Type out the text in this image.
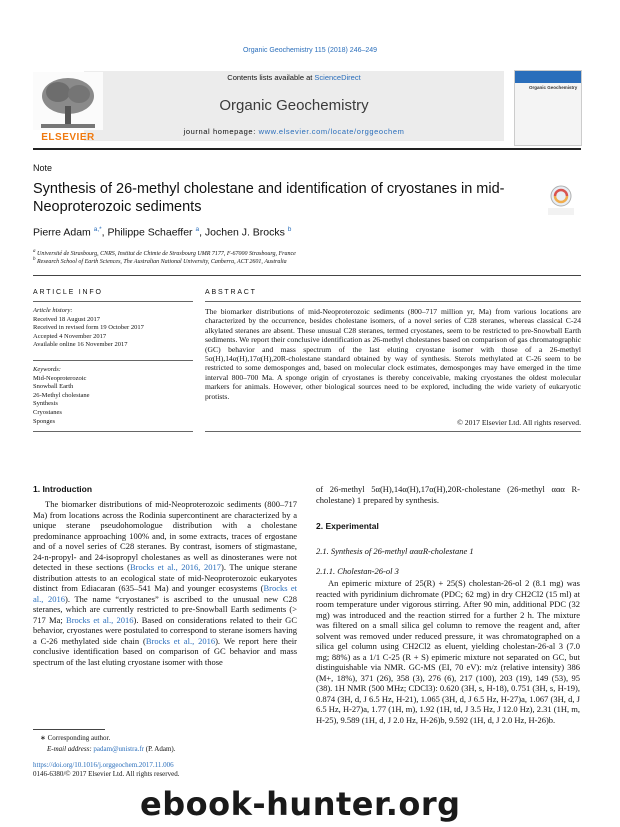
Organic Geochemistry 115 (2018) 246–249
Contents lists available at ScienceDirect
Organic Geochemistry
journal homepage: www.elsevier.com/locate/orggeochem
ELSEVIER
Organic Geochemistry
Note
Synthesis of 26-methyl cholestane and identification of cryostanes in mid-Neoproterozoic sediments
Pierre Adam $^{a,*}$, Philippe Schaeffer $^a$, Jochen J. Brocks $^b$
$^a$ Université de Strasbourg, CNRS, Institut de Chimie de Strasbourg UMR 7177, F-67000 Strasbourg, France
$^b$ Research School of Earth Sciences, The Australian National University, Canberra, ACT 2601, Australia
ARTICLE INFO	ABSTRACT
Article history:
Received 18 August 2017
Received in revised form 19 October 2017
Accepted 4 November 2017
Available online 16 November 2017
Keywords:
Mid-Neoproterozoic
Snowball Earth
26-Methyl cholestane
Synthesis
Cryostanes
Sponges
The biomarker distributions of mid-Neoproterozoic sediments (800–717 million yr, Ma) from various locations are characterized by the occurrence, besides cholestane isomers, of a novel series of C28 steranes, whereas classical C-24 alkylated steranes are absent. These unusual C28 steranes, termed cryostanes, seem to be restricted to pre-Snowball Earth sediments. We report their conclusive identification as 26-methyl cholestanes based on comparison of gas chromatographic (GC) behavior and mass spectrum of the last eluting cryostane isomer with those of a 26-methyl 5α(H),14α(H),17α(H),20R-cholestane standard obtained by way of synthesis. Sterols methylated at C-26 seem to be restricted to some demosponges and, based on molecular clock estimates, demosponges may have emerged in the time interval 800–700 Ma. A sponge origin of cryostanes is thereby conceivable, making cryostanes the oldest molecular markers for animals. However, other biological sources need to be explored, including the wide variety of eukaryotic protists.
© 2017 Elsevier Ltd. All rights reserved.
1. Introduction
The biomarker distributions of mid-Neoproterozoic sediments (800–717 Ma) from locations across the Rodinia supercontinent are characterized by a unique sterane pseudohomologue distribution with a cholestane predominance approaching 100% and, in some extracts, traces of ergostane and of a novel series of C28 steranes. By contrast, isomers of stigmastane, 24-n-propyl- and 24-isopropyl cholestanes as well as dinosteranes were not detected in these sections (Brocks et al., 2016, 2017). The unique sterane distribution attests to an ecological state of mid-Neoproterozoic eukaryotes distinct from Ediacaran (635–541 Ma) and younger ecosystems (Brocks et al., 2016). The name “cryostanes” is ascribed to the unusual new C28 steranes, which are currently restricted to pre-Snowball Earth sediments (> 717 Ma; Brocks et al., 2016). Based on considerations related to their GC behavior, cryostanes were postulated to correspond to sterane isomers having a C-26 methylated side chain (Brocks et al., 2016). We report here their conclusive identification based on comparison of GC behavior and mass spectrum of the last eluting cryostane isomer with those
of 26-methyl 5α(H),14α(H),17α(H),20R-cholestane (26-methyl ααα R-cholestane) 1 prepared by synthesis.
2. Experimental
2.1. Synthesis of 26-methyl αααR-cholestane 1
2.1.1. Cholestan-26-ol 3
An epimeric mixture of 25(R) + 25(S) cholestan-26-ol 2 (8.1 mg) was reacted with pyridinium dichromate (PDC; 62 mg) in dry CH2Cl2 (15 ml) at room temperature under vigorous stirring. After 90 min, additional PDC (32 mg) was introduced and the reaction stirred for a further 2 h. The mixture was filtered on a small silica gel column to remove the reagent and, after solvent was removed under reduced pressure, it was chromatographed on a silica gel column using CH2Cl2 as eluent, yielding cholestan-26-al 3 (7.0 mg; 88%) as a 1/1 C-25 (R + S) epimeric mixture not separated on GC, but distinguishable via NMR. GC-MS (EI, 70 eV): m/z (relative intensity) 386 (M+, 18%), 371 (26), 358 (3), 276 (6), 217 (100), 203 (19), 149 (53), 95 (38). 1H NMR (500 MHz; CDCl3): 0.620 (3H, s, H-18), 0.751 (3H, s, H-19), 0.874 (3H, d, J 6.5 Hz, H-21), 1.065 (3H, d, J 6.5 Hz, H-27)a, 1.067 (3H, d, J 6.5 Hz, H-27)a, 1.77 (1H, m), 1.92 (1H, td, J 3.5 Hz, J 12.0 Hz), 2.31 (1H, m, H-25), 9.589 (1H, d, J 2.0 Hz, H-26)b, 9.592 (1H, d, J 2.0 Hz, H-26)b.
∗ Corresponding author.
E-mail address: padam@unistra.fr (P. Adam).
https://doi.org/10.1016/j.orggeochem.2017.11.006
0146-6380/© 2017 Elsevier Ltd. All rights reserved.
ebook-hunter.org
